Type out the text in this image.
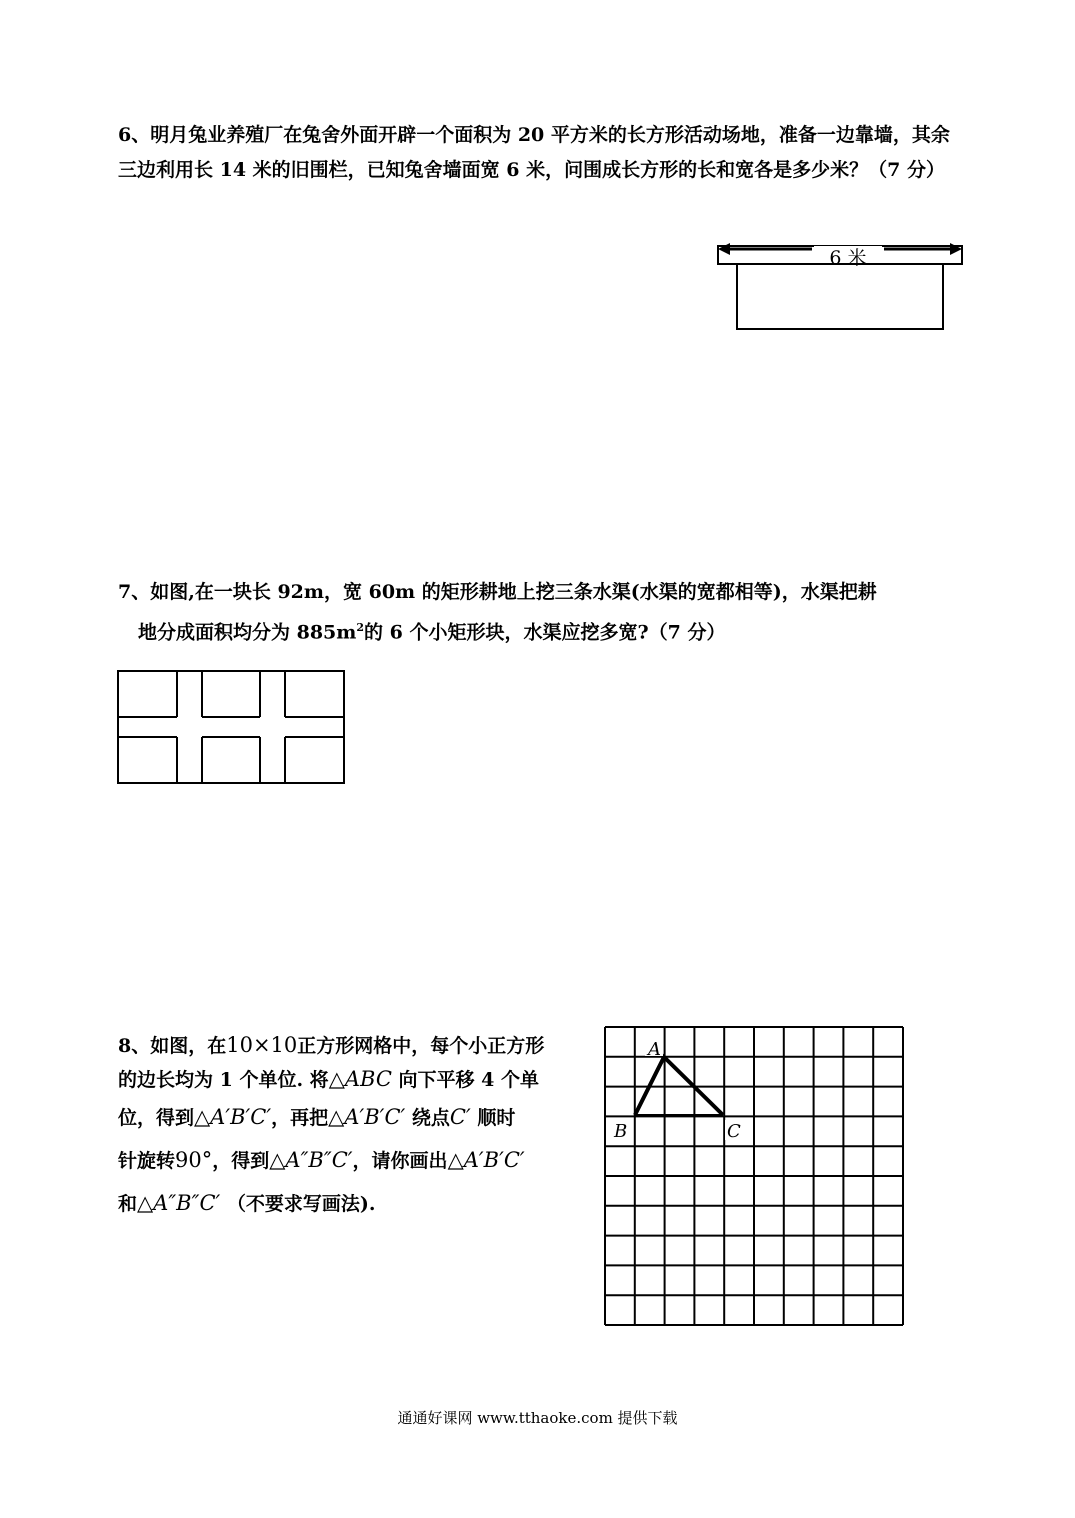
6、明月兔业养殖厂在兔舍外面开辟一个面积为 20 平方米的长方形活动场地，准备一边靠墙，其余三边利用长 14 米的旧围栏，已知兔舍墙面宽 6 米，问围成长方形的长和宽各是多少米？（7 分）

6 米

7、如图,在一块长 92m，宽 60m 的矩形耕地上挖三条水渠(水渠的宽都相等)，水渠把耕
地分成面积均分为 $885m^2$的 6 个小矩形块，水渠应挖多宽?（7 分）

8、如图，在10×10正方形网格中，每个小正方形
的边长均为 1 个单位. 将△ABC 向下平移 4 个单
位，得到△A′B′C′，再把△A′B′C′ 绕点C′ 顺时
针旋转90°，得到△A″B″C′，请你画出△A′B′C′
和△A″B″C′ （不要求写画法).
A
B	C
通通好课网 www.tthaoke.com 提供下载
